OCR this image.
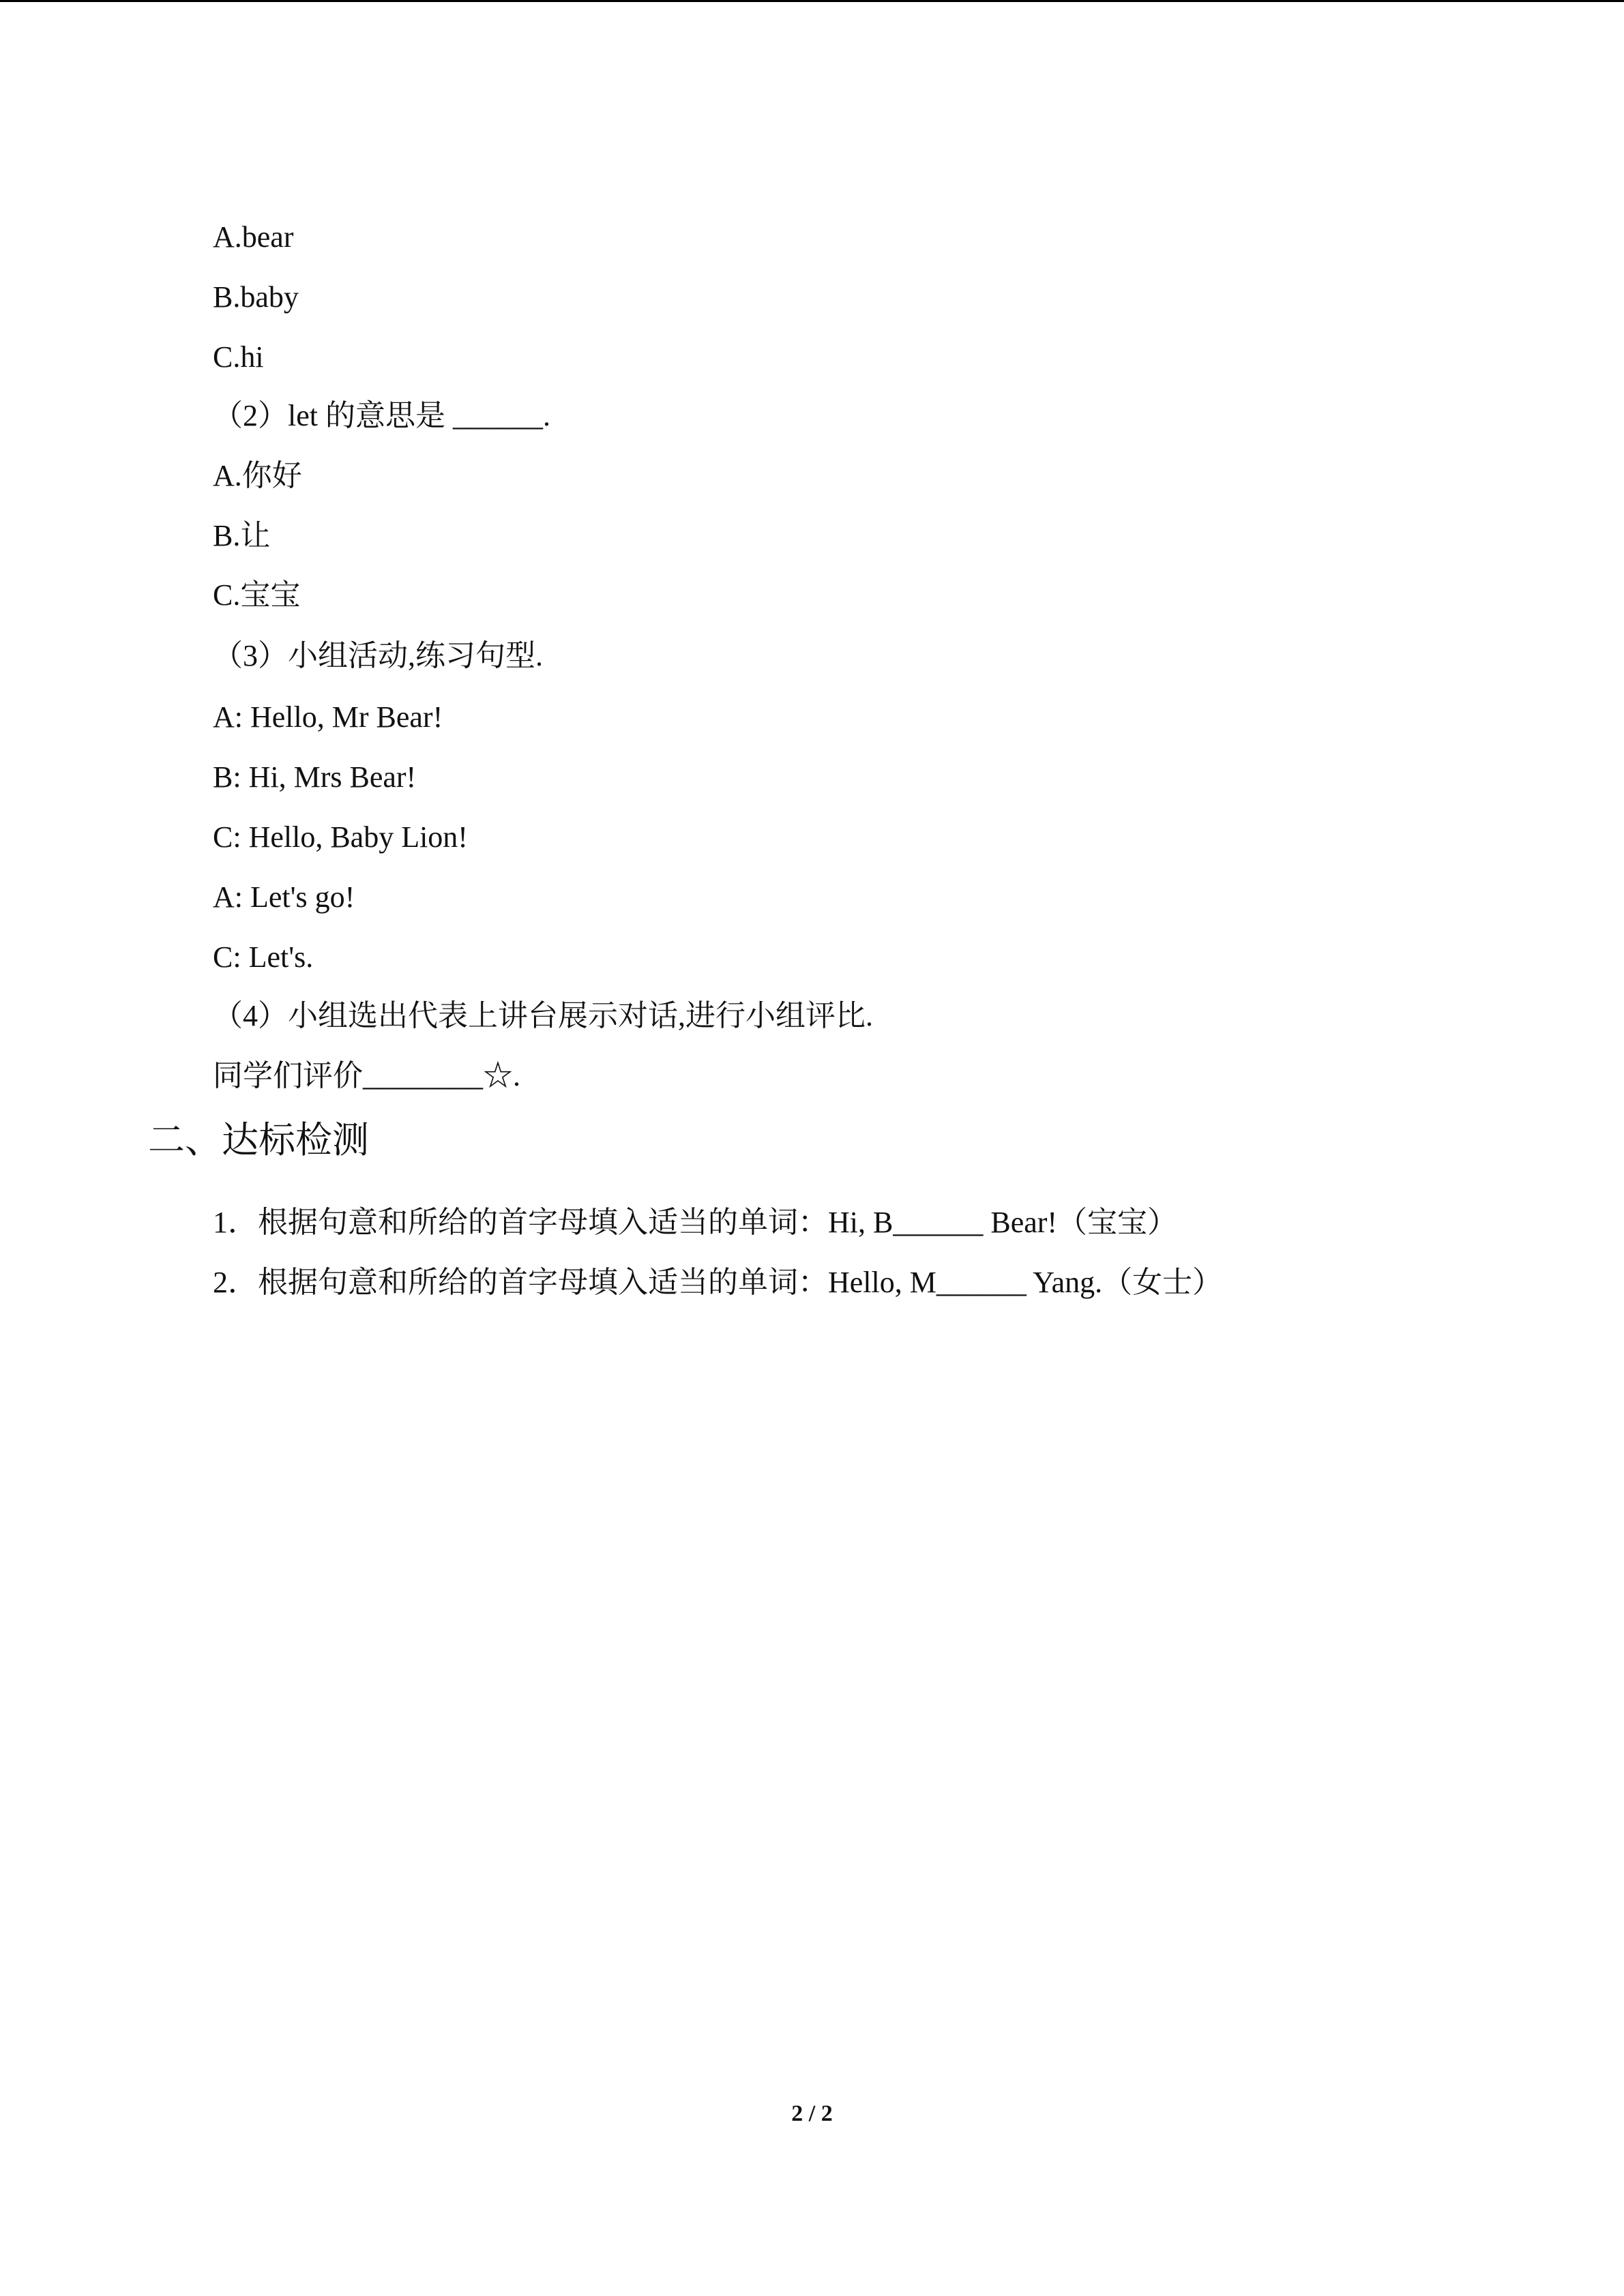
A.bear
B.baby
C.hi
（2）let 的意思是 ______.
A.你好
B.让
C.宝宝
（3）小组活动,练习句型.
A: Hello, Mr Bear!
B: Hi, Mrs Bear!
C: Hello, Baby Lion!
A: Let's go!
C: Let's.
（4）小组选出代表上讲台展示对话,进行小组评比.
同学们评价________☆.
二、达标检测
1．根据句意和所给的首字母填入适当的单词：Hi, B______ Bear!（宝宝）
2．根据句意和所给的首字母填入适当的单词：Hello, M______ Yang.（女士）
2 / 2
